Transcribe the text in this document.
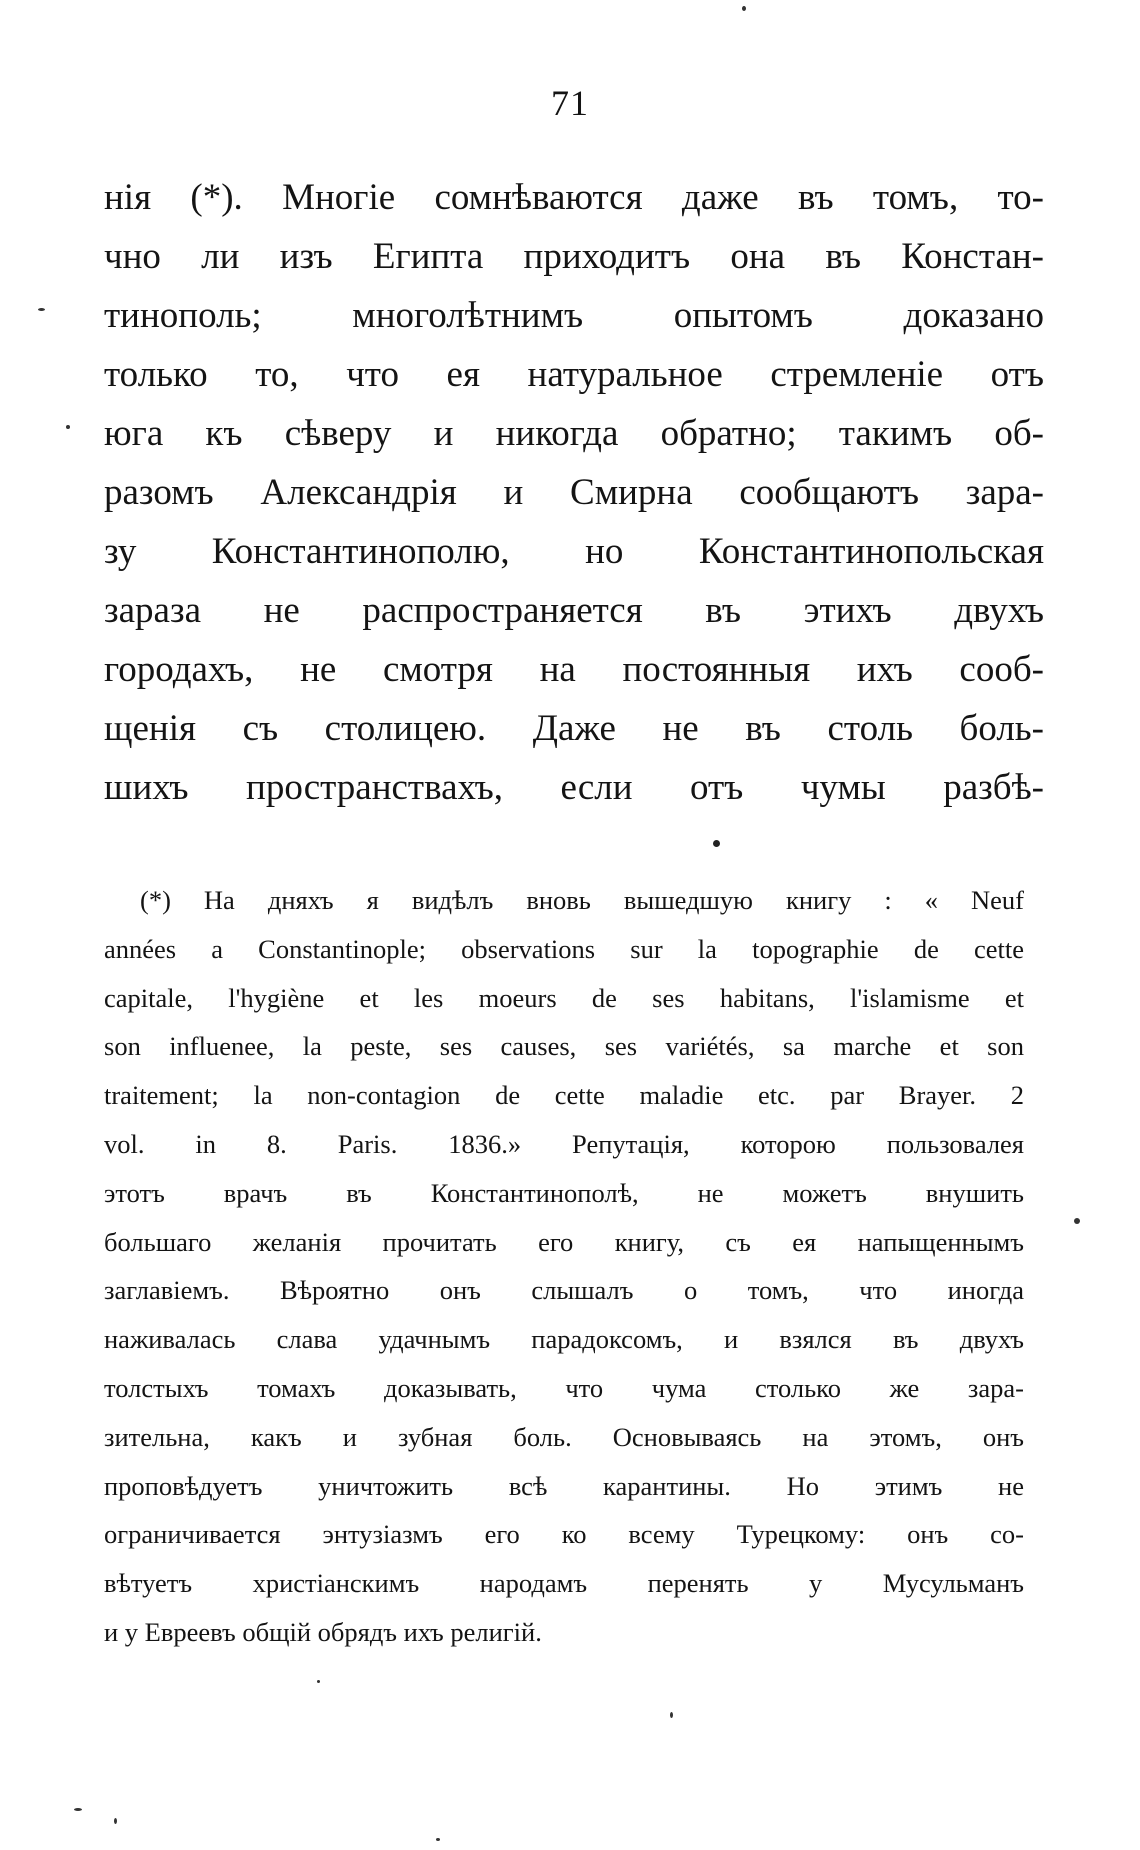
71
нія (*). Многіе сомнѣваются даже въ томъ, то-
чно ли изъ Египта приходитъ она въ Констан-
тинополь; многолѣтнимъ опытомъ доказано
только то, что ея натуральное стремленіе отъ
юга къ сѣверу и никогда обратно; такимъ об-
разомъ Александрія и Смирна сообщаютъ зара-
зу Константинополю, но Константинопольская
зараза не распространяется въ этихъ двухъ
городахъ, не смотря на постоянныя ихъ сооб-
щенія съ столицею. Даже не въ столь боль-
шихъ пространствахъ, если отъ чумы разбѣ-
(*) На дняхъ я видѣлъ вновь вышедшую книгу : « Neuf
années a Constantinople; observations sur la topographie de cette
capitale, l'hygiène et les moeurs de ses habitans, l'islamisme et
son influenee, la peste, ses causes, ses variétés, sa marche et son
traitement; la non-contagion de cette maladie etc. par Brayer. 2
vol. in 8. Paris. 1836.» Репутація, которою пользовалея
этотъ врачъ въ Константинополѣ, не можетъ внушить
большаго желанія прочитать его книгу, съ ея напыщеннымъ
заглавіемъ. Вѣроятно онъ слышалъ о томъ, что иногда
наживалась слава удачнымъ парадоксомъ, и взялся въ двухъ
толстыхъ томахъ доказывать, что чума столько же зара-
зительна, какъ и зубная боль. Основываясь на этомъ, онъ
проповѣдуетъ уничтожить всѣ карантины. Но этимъ не
ограничивается энтузіазмъ его ко всему Турецкому: онъ со-
вѣтуетъ христіанскимъ народамъ перенять у Мусульманъ
и у Евреевъ общій обрядъ ихъ религій.
